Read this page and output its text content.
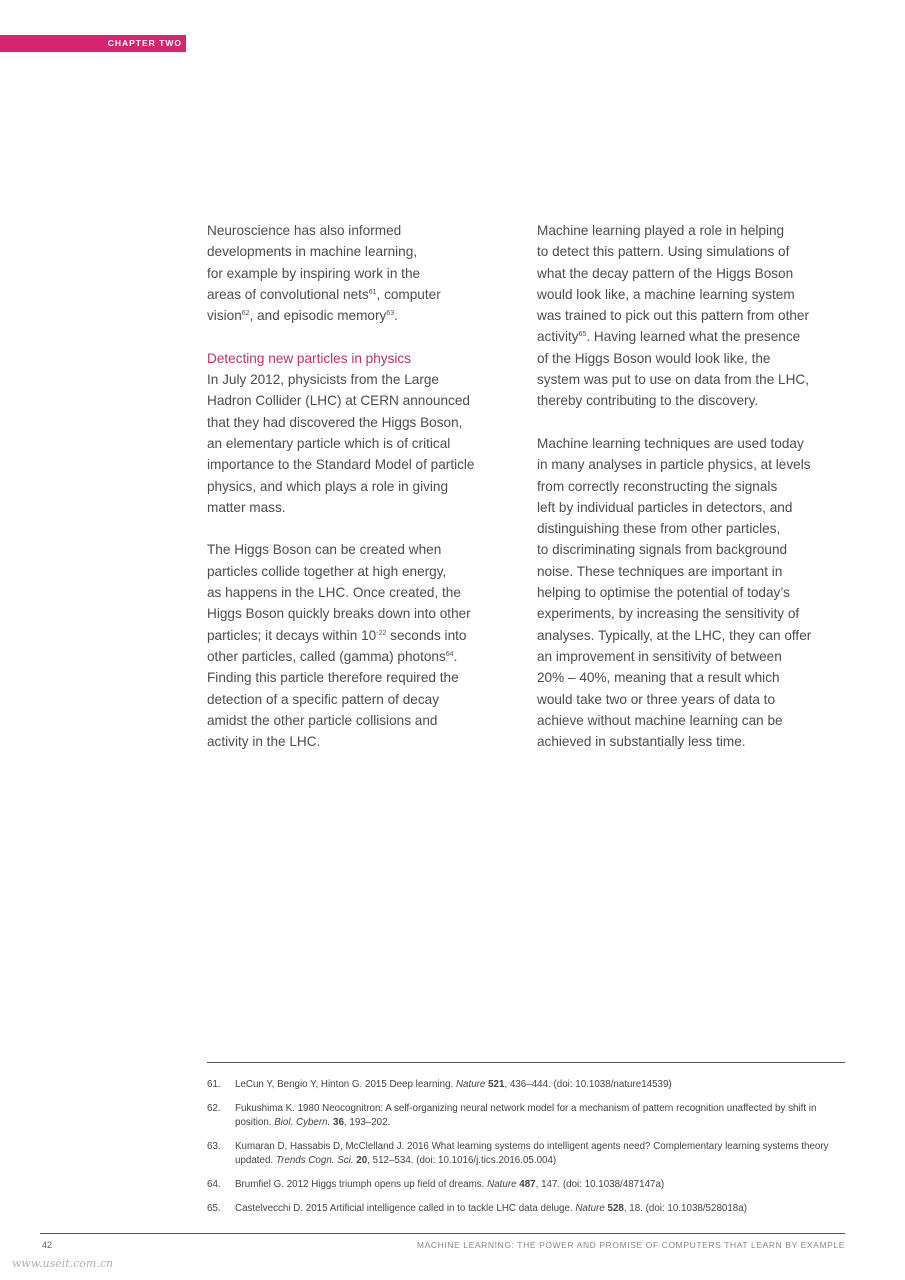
CHAPTER TWO

Neuroscience has also informed
developments in machine learning,
for example by inspiring work in the
areas of convolutional nets$^{61}$, computer
vision$^{62}$, and episodic memory$^{63}$.

Detecting new particles in physics
In July 2012, physicists from the Large
Hadron Collider (LHC) at CERN announced
that they had discovered the Higgs Boson,
an elementary particle which is of critical
importance to the Standard Model of particle
physics, and which plays a role in giving
matter mass.

The Higgs Boson can be created when
particles collide together at high energy,
as happens in the LHC. Once created, the
Higgs Boson quickly breaks down into other
particles; it decays within $10^{-22}$ seconds into
other particles, called (gamma) photons$^{64}$.
Finding this particle therefore required the
detection of a specific pattern of decay
amidst the other particle collisions and
activity in the LHC.

Machine learning played a role in helping
to detect this pattern. Using simulations of
what the decay pattern of the Higgs Boson
would look like, a machine learning system
was trained to pick out this pattern from other
activity$^{65}$. Having learned what the presence
of the Higgs Boson would look like, the
system was put to use on data from the LHC,
thereby contributing to the discovery.

Machine learning techniques are used today
in many analyses in particle physics, at levels
from correctly reconstructing the signals
left by individual particles in detectors, and
distinguishing these from other particles,
to discriminating signals from background
noise. These techniques are important in
helping to optimise the potential of today’s
experiments, by increasing the sensitivity of
analyses. Typically, at the LHC, they can offer
an improvement in sensitivity of between
20% – 40%, meaning that a result which
would take two or three years of data to
achieve without machine learning can be
achieved in substantially less time.

61.	LeCun Y, Bengio Y, Hinton G. 2015 Deep learning. Nature 521, 436–444. (doi: 10.1038/nature14539)
62.	Fukushima K. 1980 Neocognitron: A self-organizing neural network model for a mechanism of pattern recognition unaffected by shift in position. Biol. Cybern. 36, 193–202.
63.	Kumaran D, Hassabis D, McClelland J. 2016 What learning systems do intelligent agents need? Complementary learning systems theory updated. Trends Cogn. Sci. 20, 512–534. (doi: 10.1016/j.tics.2016.05.004)
64.	Brumfiel G. 2012 Higgs triumph opens up field of dreams. Nature 487, 147. (doi: 10.1038/487147a)
65.	Castelvecchi D. 2015 Artificial intelligence called in to tackle LHC data deluge. Nature 528, 18. (doi: 10.1038/528018a)
42	MACHINE LEARNING: THE POWER AND PROMISE OF COMPUTERS THAT LEARN BY EXAMPLE
www.useit.com.cn
